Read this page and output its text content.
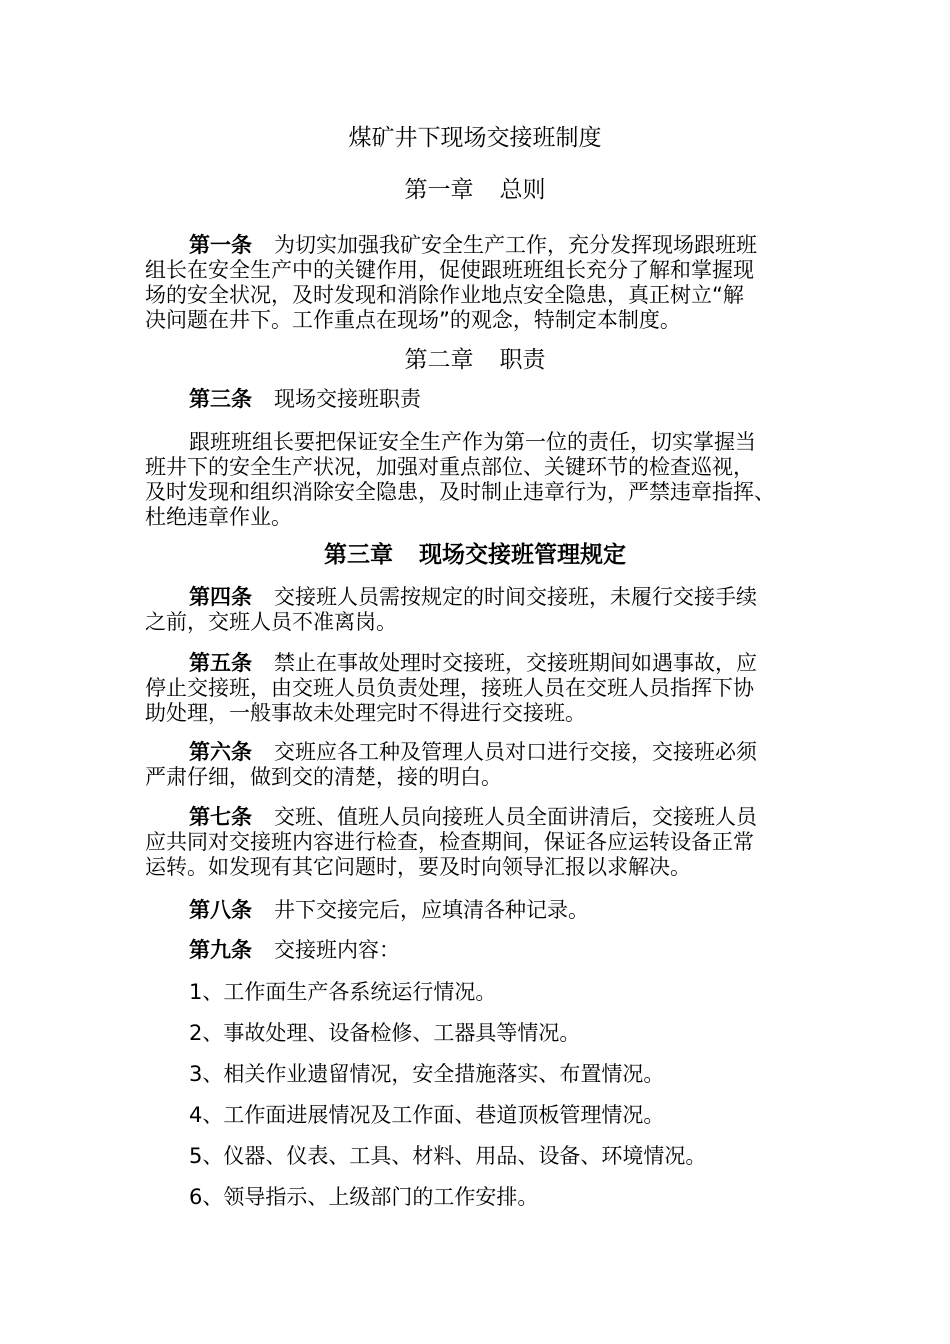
煤矿井下现场交接班制度
第一章 总则
第一条 为切实加强我矿安全生产工作，充分发挥现场跟班班
组长在安全生产中的关键作用，促使跟班班组长充分了解和掌握现
场的安全状况，及时发现和消除作业地点安全隐患，真正树立“解
决问题在井下。工作重点在现场”的观念，特制定本制度。
第二章 职责
第三条 现场交接班职责
跟班班组长要把保证安全生产作为第一位的责任，切实掌握当
班井下的安全生产状况，加强对重点部位、关键环节的检查巡视，
及时发现和组织消除安全隐患，及时制止违章行为，严禁违章指挥、
杜绝违章作业。
第三章 现场交接班管理规定
第四条 交接班人员需按规定的时间交接班，未履行交接手续
之前，交班人员不准离岗。
第五条 禁止在事故处理时交接班，交接班期间如遇事故，应
停止交接班，由交班人员负责处理，接班人员在交班人员指挥下协
助处理，一般事故未处理完时不得进行交接班。
第六条 交班应各工种及管理人员对口进行交接，交接班必须
严肃仔细，做到交的清楚，接的明白。
第七条 交班、值班人员向接班人员全面讲清后，交接班人员
应共同对交接班内容进行检查，检查期间，保证各应运转设备正常
运转。如发现有其它问题时，要及时向领导汇报以求解决。
第八条 井下交接完后，应填清各种记录。
第九条 交接班内容：

1、工作面生产各系统运行情况。

2、事故处理、设备检修、工器具等情况。

3、相关作业遗留情况，安全措施落实、布置情况。

4、工作面进展情况及工作面、巷道顶板管理情况。

5、仪器、仪表、工具、材料、用品、设备、环境情况。

6、领导指示、上级部门的工作安排。
